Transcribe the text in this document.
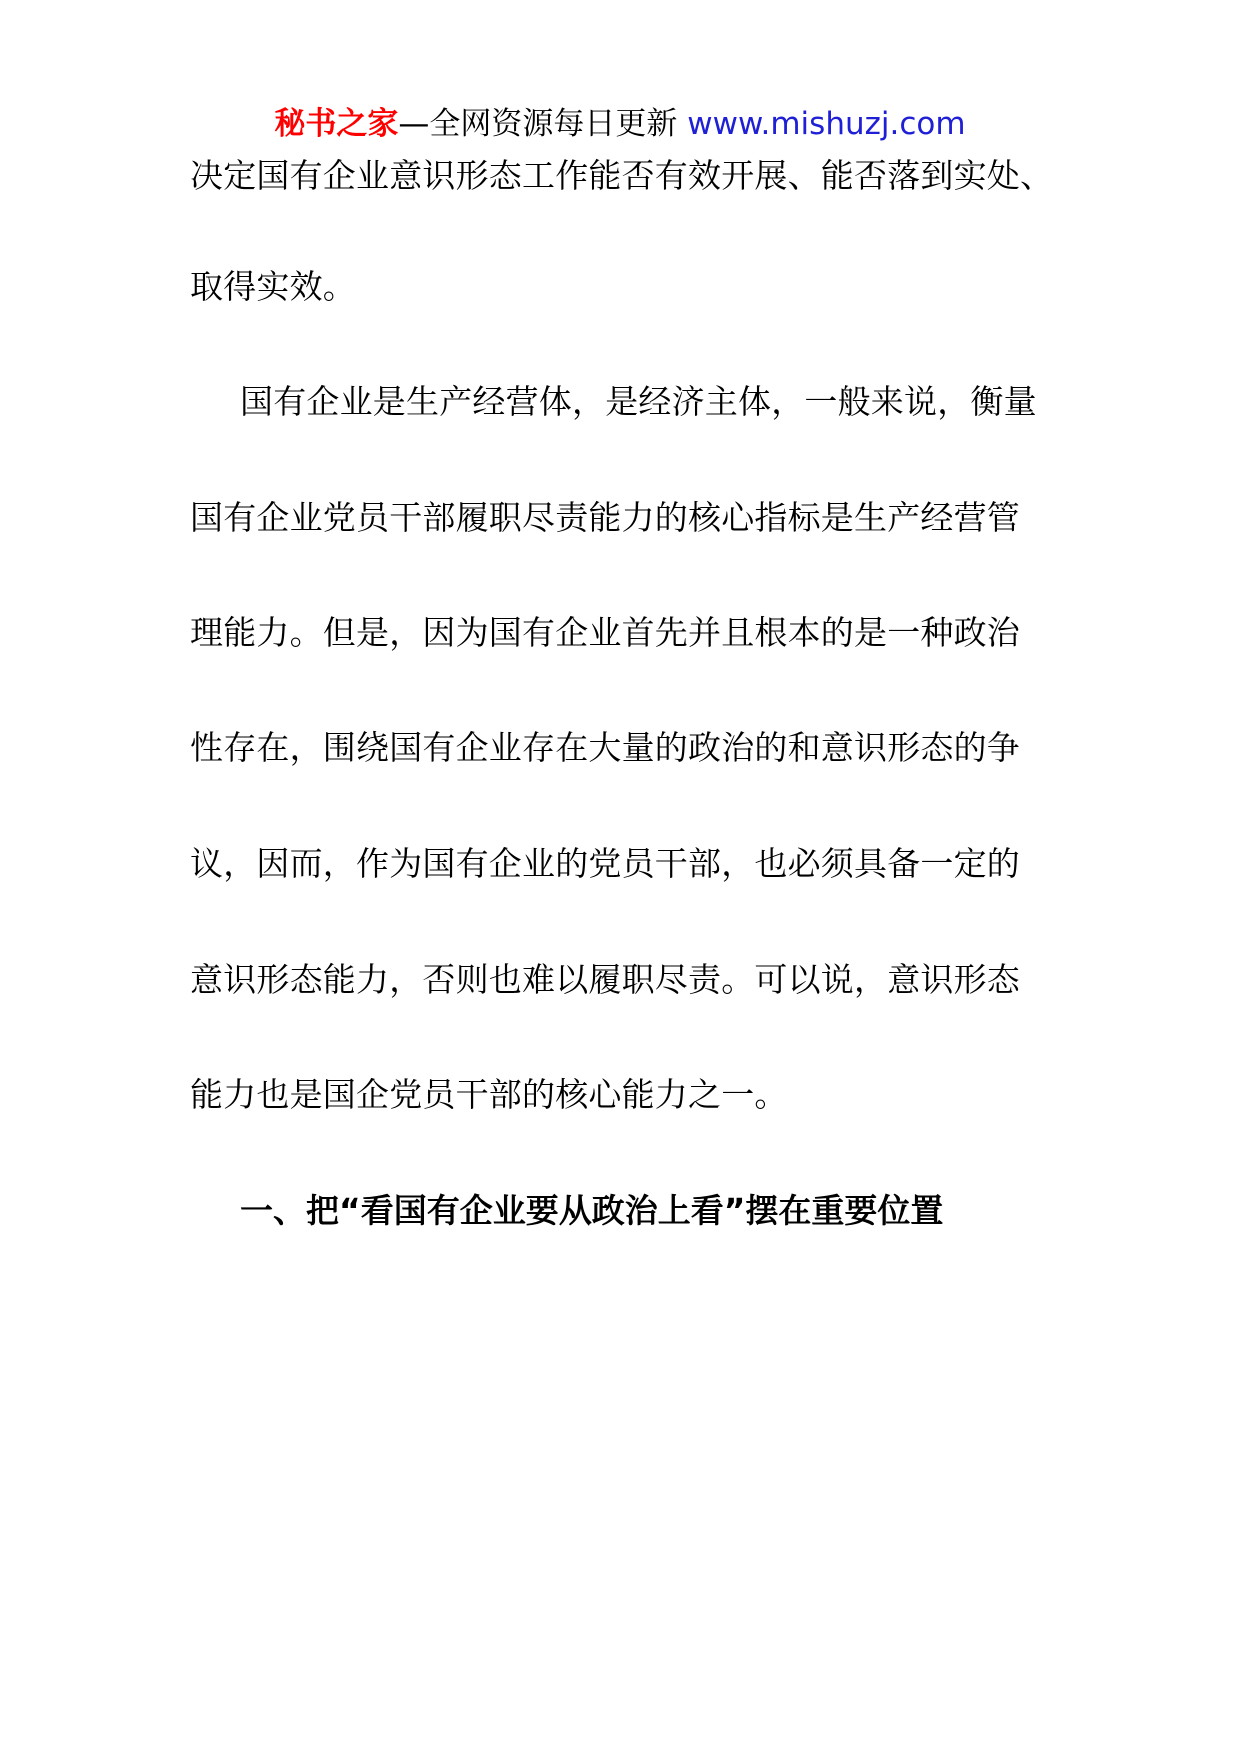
秘书之家—全网资源每日更新 www.mishuzj.com
决定国有企业意识形态工作能否有效开展、能否落到实处、
取得实效。
国有企业是生产经营体，是经济主体，一般来说，衡量
国有企业党员干部履职尽责能力的核心指标是生产经营管
理能力。但是，因为国有企业首先并且根本的是一种政治
性存在，围绕国有企业存在大量的政治的和意识形态的争
议，因而，作为国有企业的党员干部，也必须具备一定的
意识形态能力，否则也难以履职尽责。可以说，意识形态
能力也是国企党员干部的核心能力之一。
一、把“看国有企业要从政治上看”摆在重要位置
